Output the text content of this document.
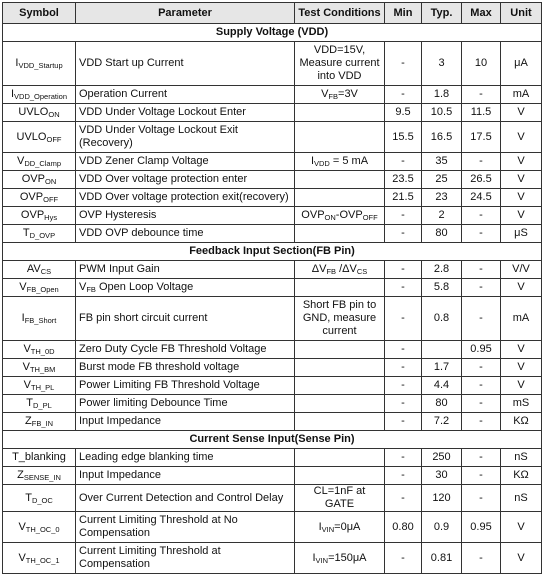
Symbol	Parameter	Test Conditions	Min	Typ.	Max	Unit
Supply Voltage (VDD)						
$I_{VDD\_Startup}$	VDD Start up Current	VDD=15V,
Measure current
into VDD	-	3	10	μA
$I_{VDD\_Operation}$	Operation Current	$V_{FB}=3V$	-	1.8	-	mA
$UVLO_{ON}$	VDD Under Voltage Lockout Enter		9.5	10.5	11.5	V
$UVLO_{OFF}$	VDD Under Voltage Lockout Exit
(Recovery)		15.5	16.5	17.5	V
$V_{DD\_Clamp}$	VDD Zener Clamp Voltage	$I_{VDD} = 5$ mA	-	35	-	V
$OVP_{ON}$	VDD Over voltage protection enter		23.5	25	26.5	V
$OVP_{OFF}$	VDD Over voltage protection exit(recovery)		21.5	23	24.5	V
$OVP_{Hys}$	OVP Hysteresis	$OVP_{ON}-OVP_{OFF}$	-	2	-	V
$T_{D\_OVP}$	VDD OVP debounce time		-	80	-	μS
Feedback Input Section(FB Pin)						
$AV_{CS}$	PWM Input Gain	$\Delta V_{FB}$ $/\Delta V_{CS}$	-	2.8	-	V/V
$V_{FB\_Open}$	$V_{FB}$ Open Loop Voltage		-	5.8	-	V
$I_{FB\_Short}$	FB pin short circuit current	Short FB pin to
GND, measure
current	-	0.8	-	mA
$V_{TH\_0D}$	Zero Duty Cycle FB Threshold Voltage		-		0.95	V
$V_{TH\_BM}$	Burst mode FB threshold voltage		-	1.7	-	V
$V_{TH\_PL}$	Power Limiting FB Threshold Voltage		-	4.4	-	V
$T_{D\_PL}$	Power limiting Debounce Time		-	80	-	mS
$Z_{FB\_IN}$	Input Impedance		-	7.2	-	KΩ
Current Sense Input(Sense Pin)						
T_blanking	Leading edge blanking time		-	250	-	nS
$Z_{SENSE\_IN}$	Input Impedance		-	30	-	KΩ
$T_{D\_OC}$	Over Current Detection and Control Delay	CL=1nF at GATE	-	120	-	nS
$V_{TH\_OC\_0}$	Current Limiting Threshold at No
Compensation	$I_{VIN}=0\mu A$	0.80	0.9	0.95	V
$V_{TH\_OC\_1}$	Current Limiting Threshold at
Compensation	$I_{VIN}=150\mu A$	-	0.81	-	V
